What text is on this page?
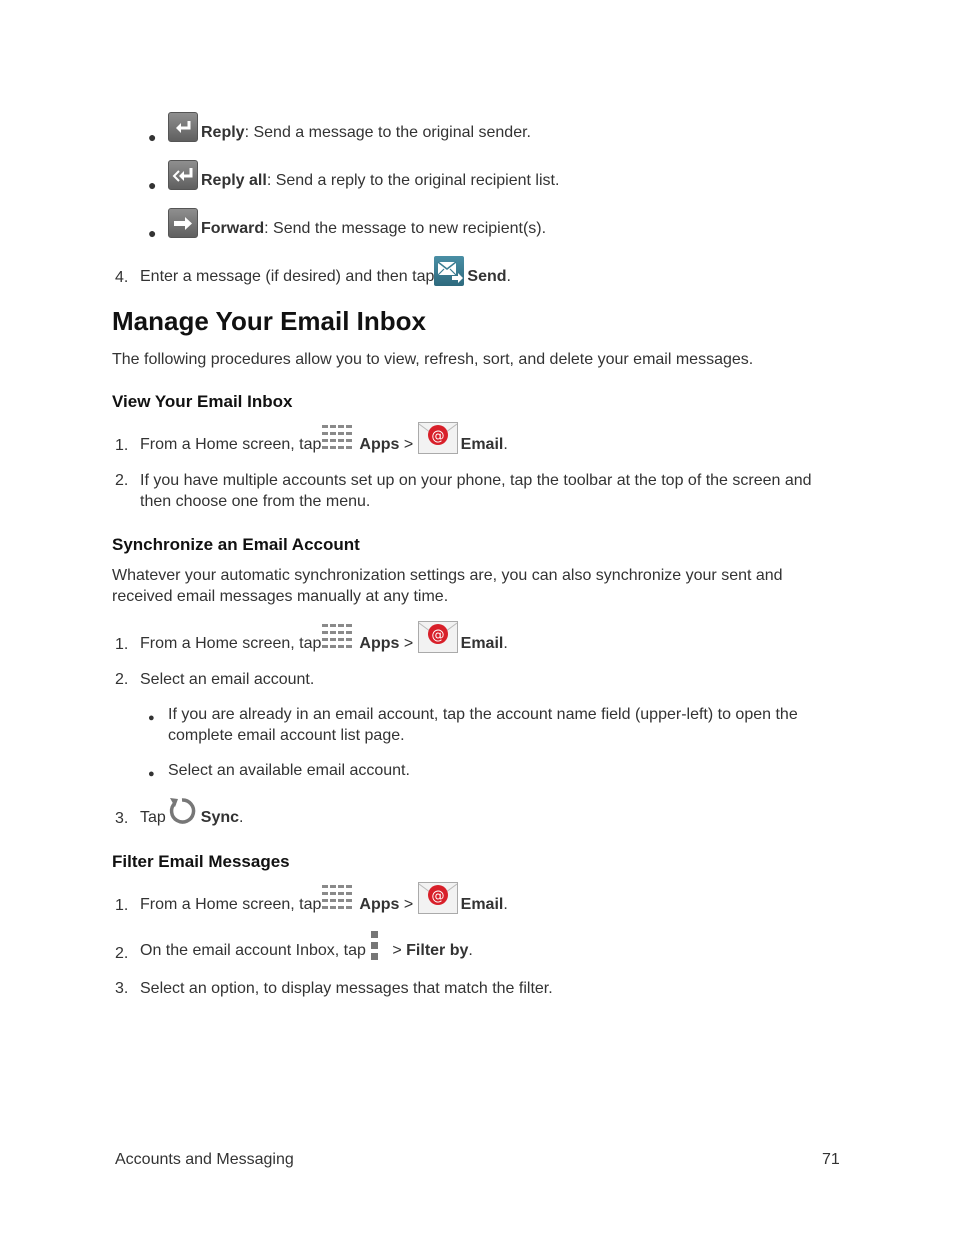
●	Reply: Send a message to the original sender.
●	Reply all: Send a reply to the original recipient list.
●	Forward: Send the message to new recipient(s).
4. Enter a message (if desired) and then tap Send .
Manage Your Email Inbox
The following procedures allow you to view, refresh, sort, and delete your email messages.
View Your Email Inbox
1. From a Home screen, tap Apps > @ Email .
2. If you have multiple accounts set up on your phone, tap the toolbar at the top of the screen and then choose one from the menu.
Synchronize an Email Account
Whatever your automatic synchronization settings are, you can also synchronize your sent and received email messages manually at any time.
1. From a Home screen, tap Apps > @ Email .
2. Select an email account.
● If you are already in an email account, tap the account name field (upper-left) to open the complete email account list page.
● Select an available email account.
3. Tap Sync .
Filter Email Messages
1. From a Home screen, tap Apps > @ Email .
2. On the email account Inbox, tap > Filter by .
3. Select an option, to display messages that match the filter.
Accounts and Messaging	71
